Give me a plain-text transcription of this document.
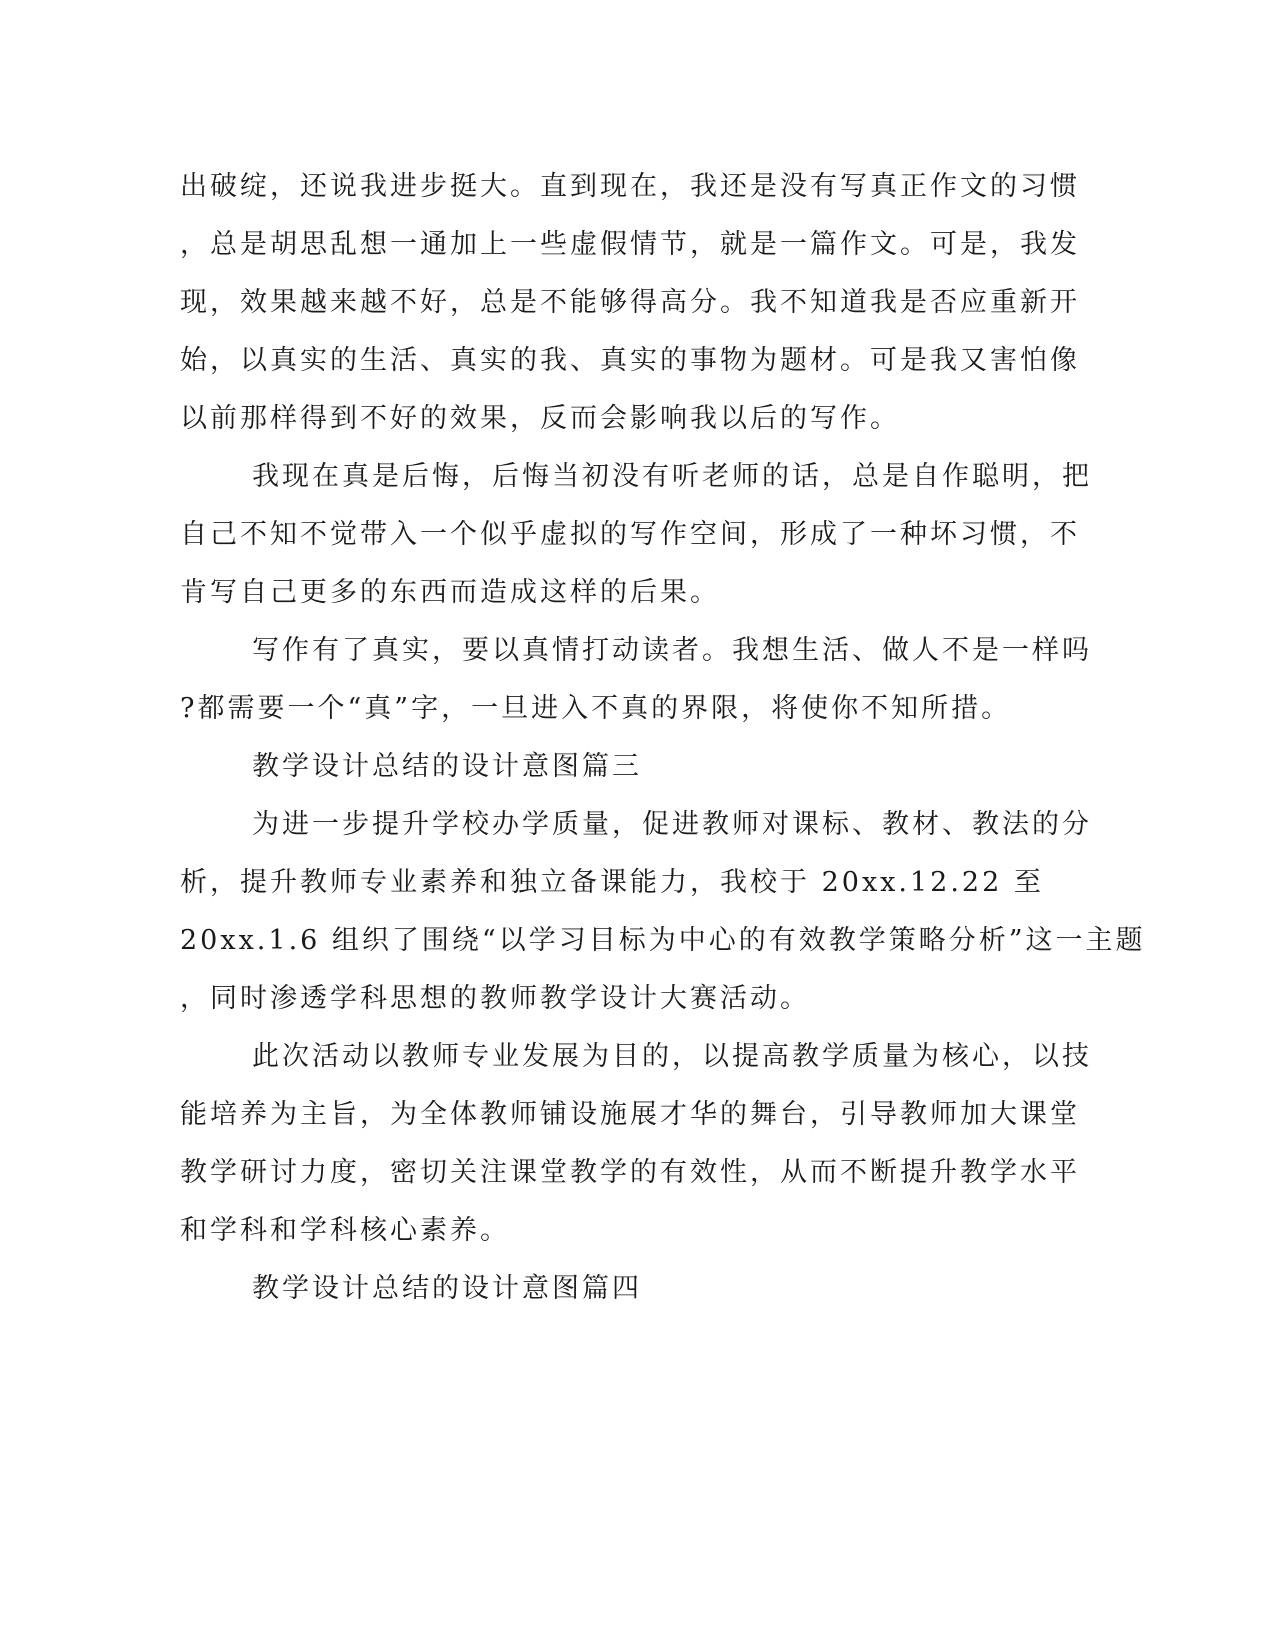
出破绽，还说我进步挺大。直到现在，我还是没有写真正作文的习惯
，总是胡思乱想一通加上一些虚假情节，就是一篇作文。可是，我发
现，效果越来越不好，总是不能够得高分。我不知道我是否应重新开
始，以真实的生活、真实的我、真实的事物为题材。可是我又害怕像
以前那样得到不好的效果，反而会影响我以后的写作。
我现在真是后悔，后悔当初没有听老师的话，总是自作聪明，把
自己不知不觉带入一个似乎虚拟的写作空间，形成了一种坏习惯，不
肯写自己更多的东西而造成这样的后果。
写作有了真实，要以真情打动读者。我想生活、做人不是一样吗
?都需要一个“真”字，一旦进入不真的界限，将使你不知所措。
教学设计总结的设计意图篇三
为进一步提升学校办学质量，促进教师对课标、教材、教法的分
析，提升教师专业素养和独立备课能力，我校于 20xx.12.22 至
20xx.1.6 组织了围绕“以学习目标为中心的有效教学策略分析”这一主题
，同时渗透学科思想的教师教学设计大赛活动。
此次活动以教师专业发展为目的，以提高教学质量为核心，以技
能培养为主旨，为全体教师铺设施展才华的舞台，引导教师加大课堂
教学研讨力度，密切关注课堂教学的有效性，从而不断提升教学水平
和学科和学科核心素养。
教学设计总结的设计意图篇四
